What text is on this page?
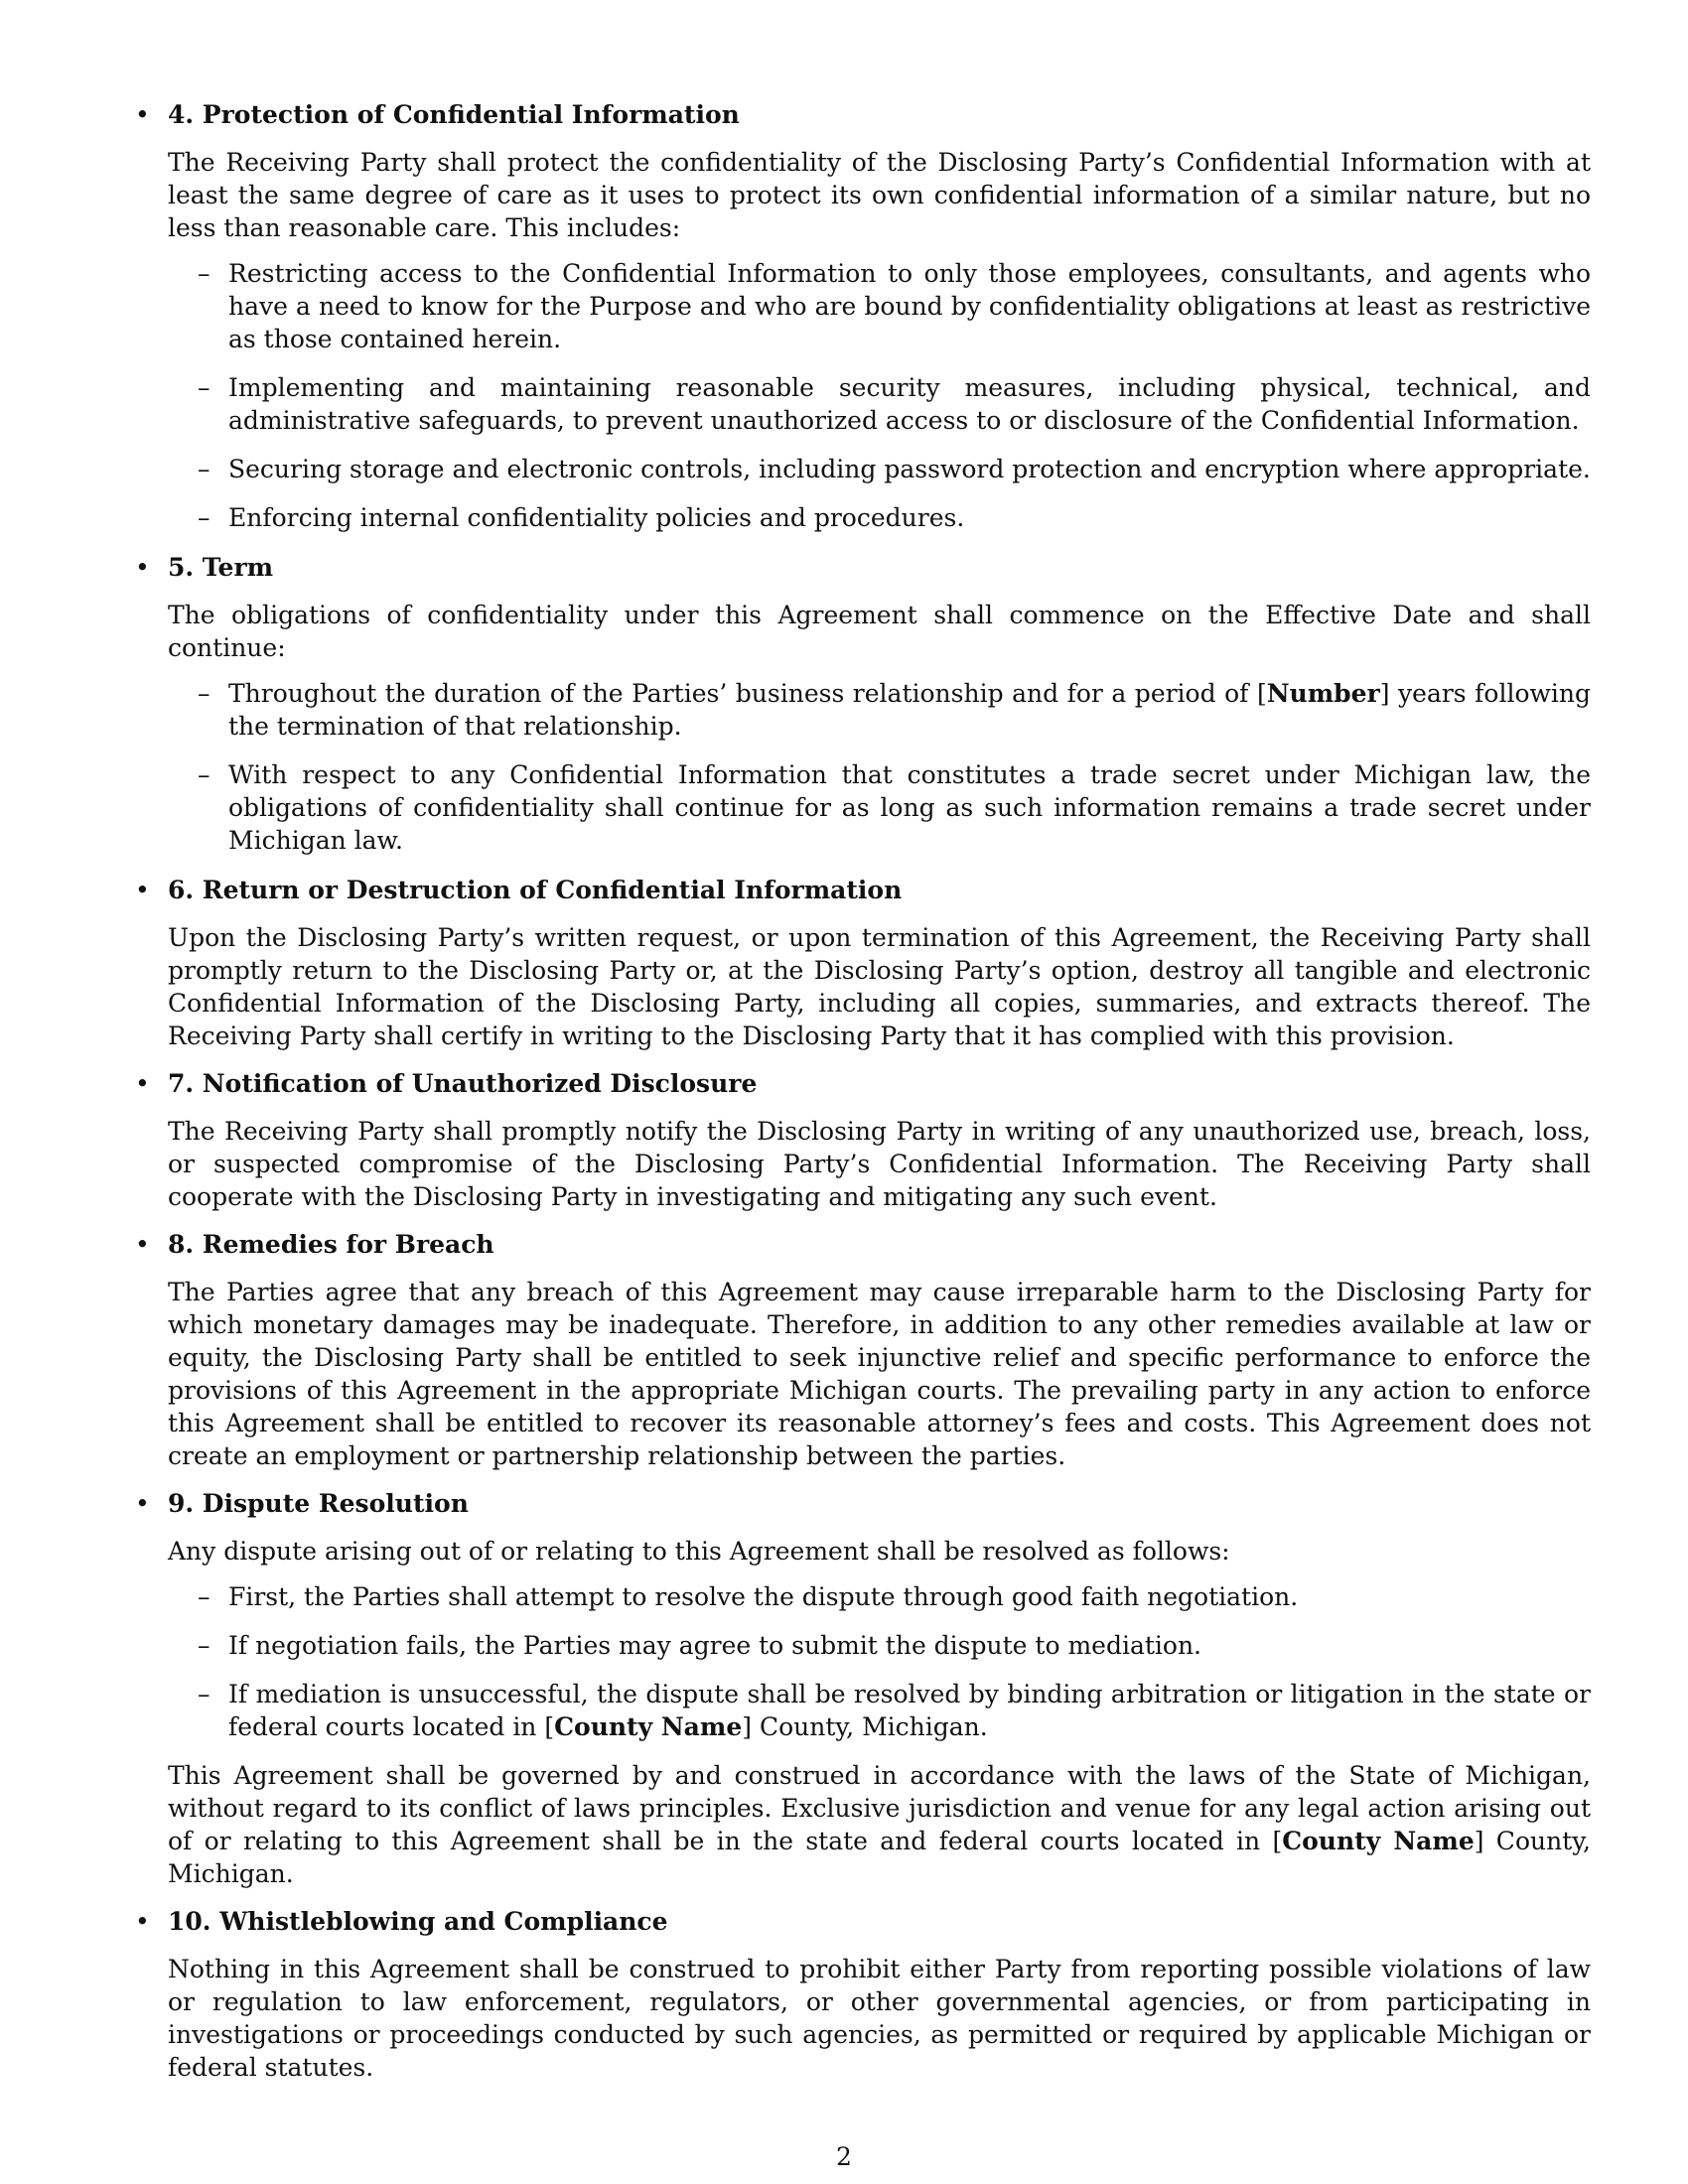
• 4. Protection of Confidential Information
The Receiving Party shall protect the confidentiality of the Disclosing Party’s Confidential Information with at least the same degree of care as it uses to protect its own confidential information of a similar nature, but no less than reasonable care. This includes:
– Restricting access to the Confidential Information to only those employees, consultants, and agents who have a need to know for the Purpose and who are bound by confidentiality obligations at least as restrictive as those contained herein.
– Implementing and maintaining reasonable security measures, including physical, technical, and administrative safeguards, to prevent unauthorized access to or disclosure of the Confidential Information.
– Securing storage and electronic controls, including password protection and encryption where appropriate.
– Enforcing internal confidentiality policies and procedures.
• 5. Term
The obligations of confidentiality under this Agreement shall commence on the Effective Date and shall continue:
– Throughout the duration of the Parties’ business relationship and for a period of [Number] years following the termination of that relationship.
– With respect to any Confidential Information that constitutes a trade secret under Michigan law, the obligations of confidentiality shall continue for as long as such information remains a trade secret under Michigan law.
• 6. Return or Destruction of Confidential Information
Upon the Disclosing Party’s written request, or upon termination of this Agreement, the Receiving Party shall promptly return to the Disclosing Party or, at the Disclosing Party’s option, destroy all tangible and electronic Confidential Information of the Disclosing Party, including all copies, summaries, and extracts thereof. The Receiving Party shall certify in writing to the Disclosing Party that it has complied with this provision.
• 7. Notification of Unauthorized Disclosure
The Receiving Party shall promptly notify the Disclosing Party in writing of any unauthorized use, breach, loss, or suspected compromise of the Disclosing Party’s Confidential Information. The Receiving Party shall cooperate with the Disclosing Party in investigating and mitigating any such event.
• 8. Remedies for Breach
The Parties agree that any breach of this Agreement may cause irreparable harm to the Disclosing Party for which monetary damages may be inadequate. Therefore, in addition to any other remedies available at law or equity, the Disclosing Party shall be entitled to seek injunctive relief and specific performance to enforce the provisions of this Agreement in the appropriate Michigan courts. The prevailing party in any action to enforce this Agreement shall be entitled to recover its reasonable attorney’s fees and costs. This Agreement does not create an employment or partnership relationship between the parties.
• 9. Dispute Resolution
Any dispute arising out of or relating to this Agreement shall be resolved as follows:
– First, the Parties shall attempt to resolve the dispute through good faith negotiation.
– If negotiation fails, the Parties may agree to submit the dispute to mediation.
– If mediation is unsuccessful, the dispute shall be resolved by binding arbitration or litigation in the state or federal courts located in [County Name] County, Michigan.
This Agreement shall be governed by and construed in accordance with the laws of the State of Michigan, without regard to its conflict of laws principles. Exclusive jurisdiction and venue for any legal action arising out of or relating to this Agreement shall be in the state and federal courts located in [County Name] County, Michigan.
• 10. Whistleblowing and Compliance
Nothing in this Agreement shall be construed to prohibit either Party from reporting possible violations of law or regulation to law enforcement, regulators, or other governmental agencies, or from participating in investigations or proceedings conducted by such agencies, as permitted or required by applicable Michigan or federal statutes.
2
